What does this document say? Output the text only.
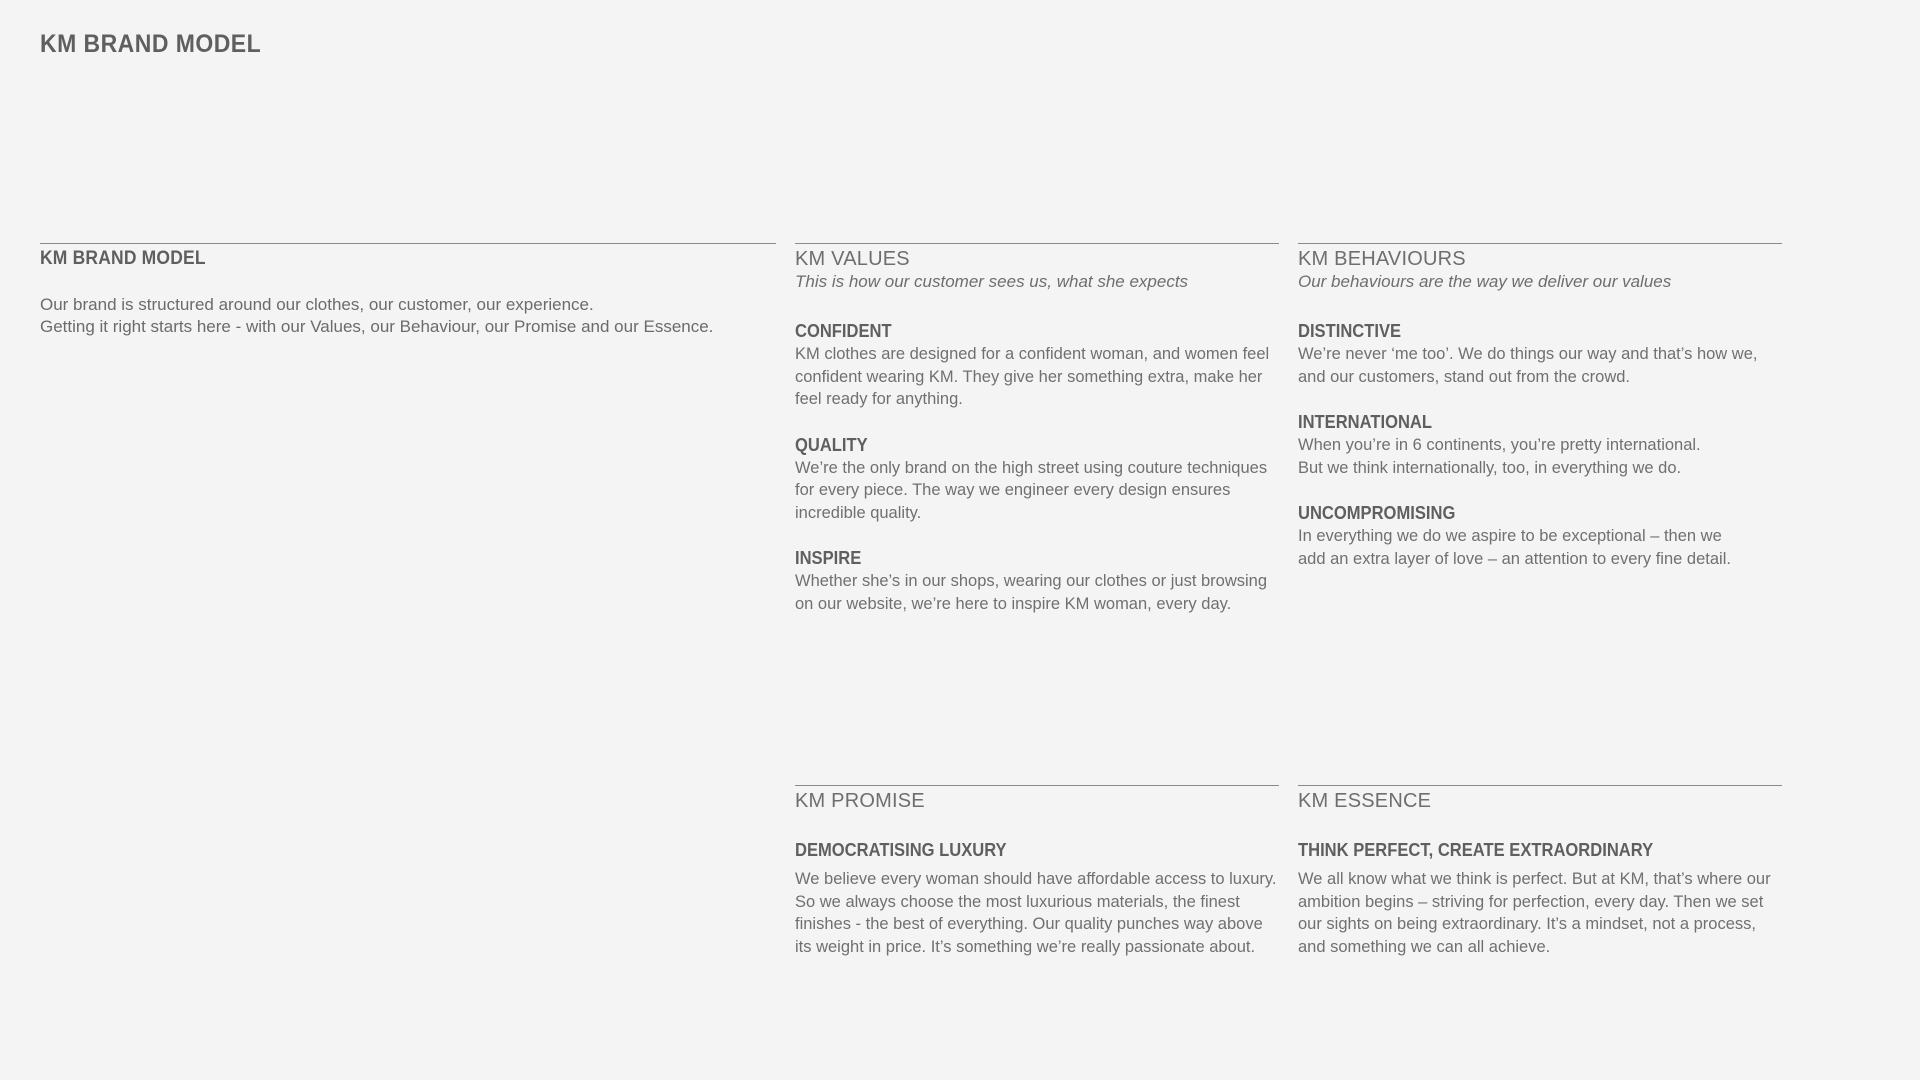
KM BRAND MODEL
KM BRAND MODEL

Our brand is structured around our clothes, our customer, our experience.
Getting it right starts here - with our Values, our Behaviour, our Promise and our Essence.

KM VALUES

This is how our customer sees us, what she expects

CONFIDENT

KM clothes are designed for a confident woman, and women feel
confident wearing KM. They give her something extra, make her
feel ready for anything.

QUALITY

We’re the only brand on the high street using couture techniques
for every piece. The way we engineer every design ensures
incredible quality.

INSPIRE

Whether she’s in our shops, wearing our clothes or just browsing
on our website, we’re here to inspire KM woman, every day.

KM BEHAVIOURS

Our behaviours are the way we deliver our values

DISTINCTIVE

We’re never ‘me too’. We do things our way and that’s how we,
and our customers, stand out from the crowd.

INTERNATIONAL

When you’re in 6 continents, you’re pretty international.
But we think internationally, too, in everything we do.

UNCOMPROMISING

In everything we do we aspire to be exceptional – then we
add an extra layer of love – an attention to every fine detail.

KM PROMISE
DEMOCRATISING LUXURY

We believe every woman should have affordable access to luxury.
So we always choose the most luxurious materials, the finest
finishes - the best of everything. Our quality punches way above
its weight in price. It’s something we’re really passionate about.

KM ESSENCE
THINK PERFECT, CREATE EXTRAORDINARY

We all know what we think is perfect. But at KM, that’s where our
ambition begins – striving for perfection, every day. Then we set
our sights on being extraordinary. It’s a mindset, not a process,
and something we can all achieve.
